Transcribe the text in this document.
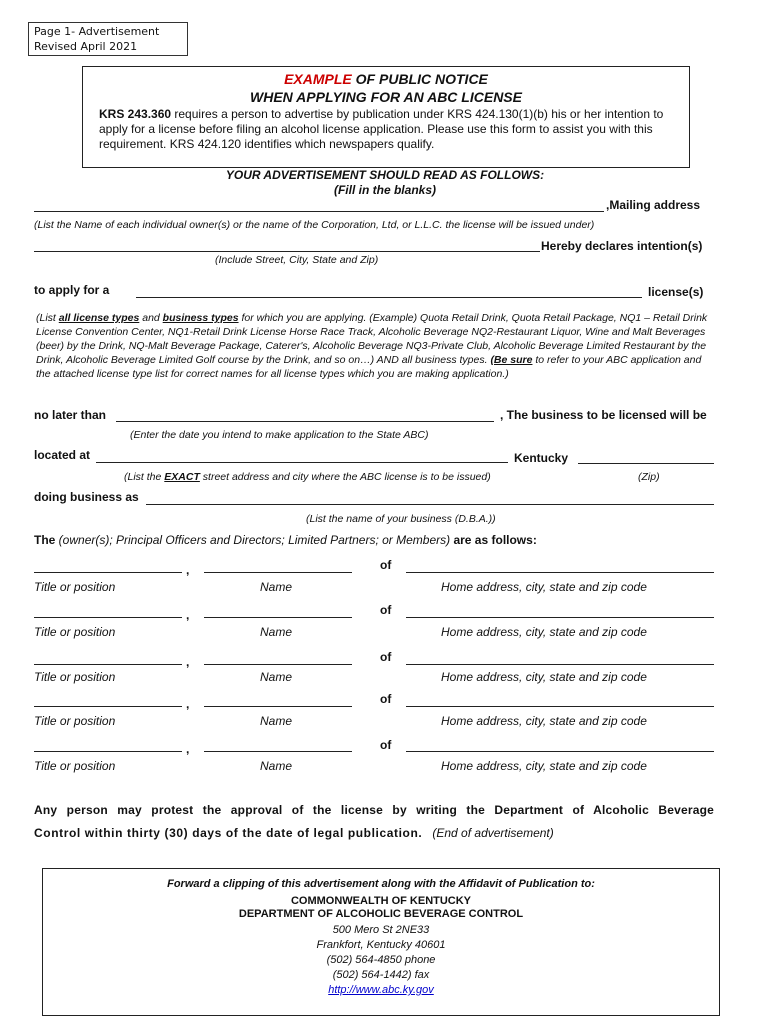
Page 1- Advertisement
Revised April 2021
EXAMPLE OF PUBLIC NOTICE
WHEN APPLYING FOR AN ABC LICENSE
KRS 243.360 requires a person to advertise by publication under KRS 424.130(1)(b) his or her intention to apply for a license before filing an alcohol license application. Please use this form to assist you with this requirement. KRS 424.120 identifies which newspapers qualify.
YOUR ADVERTISEMENT SHOULD READ AS FOLLOWS:
(Fill in the blanks)
,Mailing address
(List the Name of each individual owner(s) or the name of the Corporation, Ltd, or L.L.C. the license will be issued under)
Hereby declares intention(s)
(Include Street, City, State and Zip)
to apply for a	license(s)
(List all license types and business types for which you are applying. (Example) Quota Retail Drink, Quota Retail Package, NQ1 – Retail Drink License Convention Center, NQ1-Retail Drink License Horse Race Track, Alcoholic Beverage NQ2-Restaurant Liquor, Wine and Malt Beverages (beer) by the Drink, NQ-Malt Beverage Package, Caterer's, Alcoholic Beverage NQ3-Private Club, Alcoholic Beverage Limited Restaurant by the Drink, Alcoholic Beverage Limited Golf course by the Drink, and so on…) AND all business types. (Be sure to refer to your ABC application and the attached license type list for correct names for all license types which you are making application.)
no later than	, The business to be licensed will be
(Enter the date you intend to make application to the State ABC)
located at	Kentucky
(List the EXACT street address and city where the ABC license is to be issued)	(Zip)
doing business as
(List the name of your business (D.B.A.))
The (owner(s); Principal Officers and Directors; Limited Partners; or Members) are as follows:
,	of
Title or position	Name	Home address, city, state and zip code
,	of
Title or position	Name	Home address, city, state and zip code
,	of
Title or position	Name	Home address, city, state and zip code
,	of
Title or position	Name	Home address, city, state and zip code
,	of
Title or position	Name	Home address, city, state and zip code
Any person may protest the approval of the license by writing the Department of Alcoholic Beverage
Control within thirty (30) days of the date of legal publication. (End of advertisement)
Forward a clipping of this advertisement along with the Affidavit of Publication to:
COMMONWEALTH OF KENTUCKY
DEPARTMENT OF ALCOHOLIC BEVERAGE CONTROL
500 Mero St 2NE33
Frankfort, Kentucky 40601
(502) 564-4850 phone
(502) 564-1442) fax
http://www.abc.ky.gov
